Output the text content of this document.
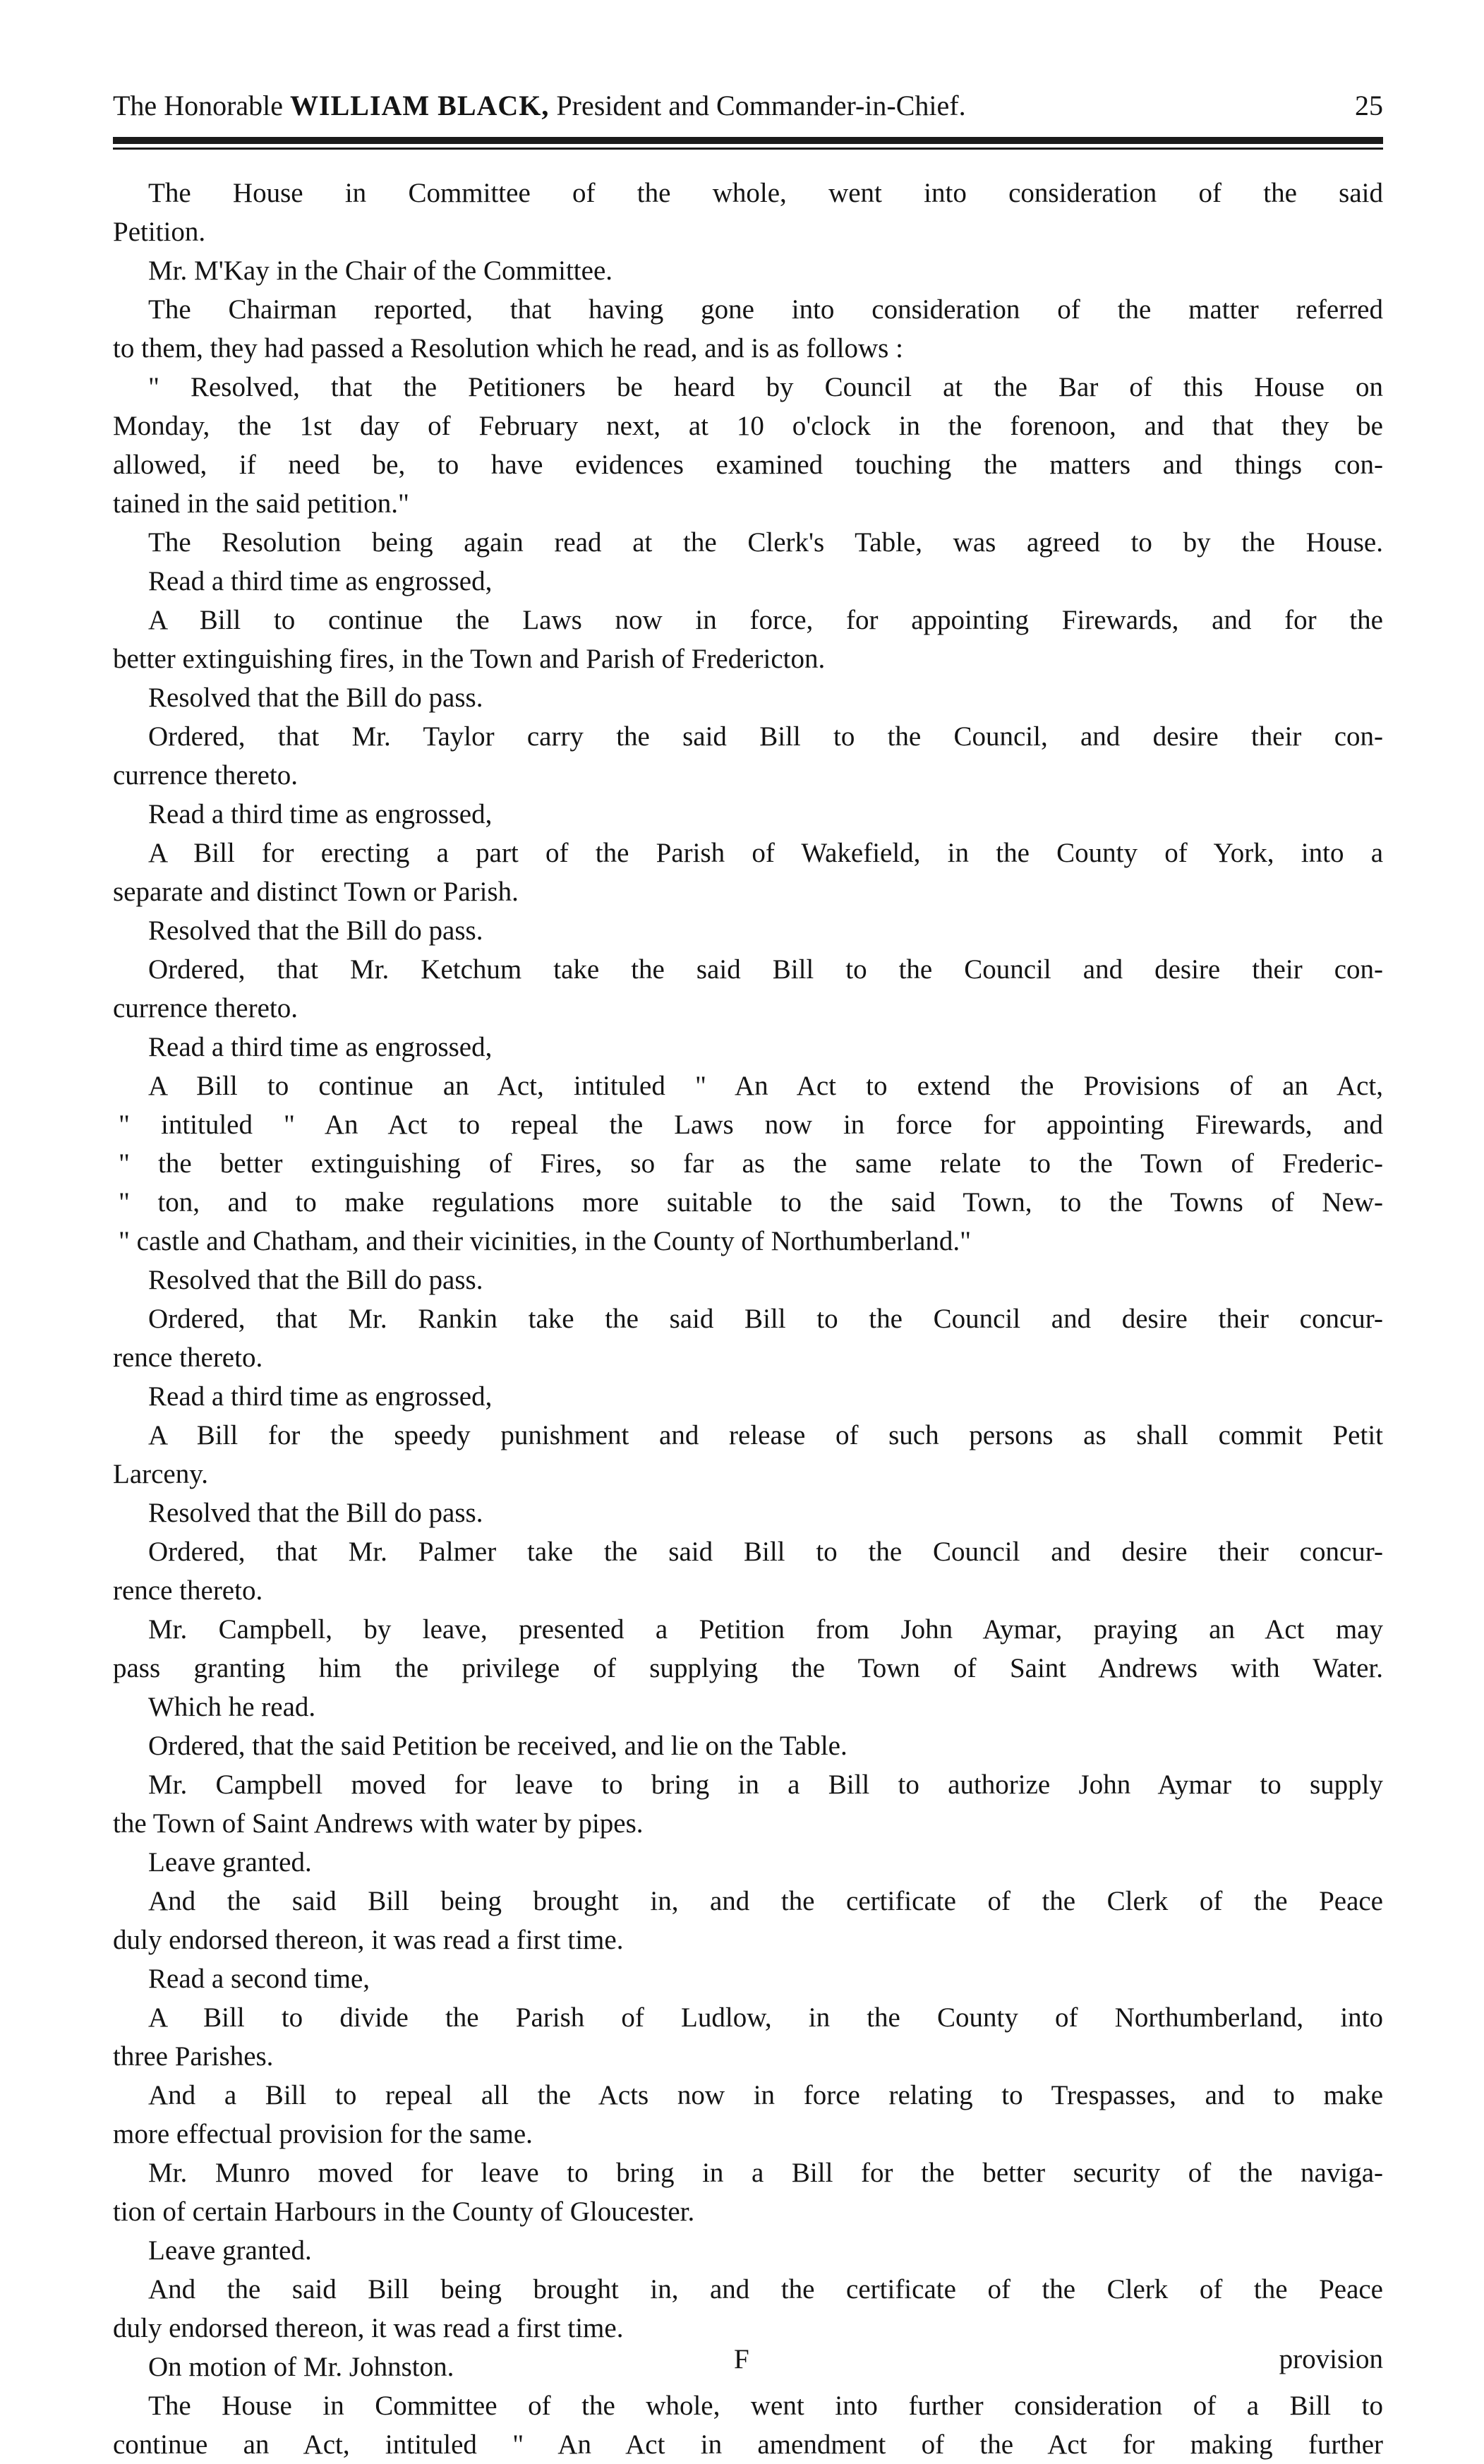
The Honorable WILLIAM BLACK, President and Commander-in-Chief.	25
The House in Committee of the whole, went into consideration of the said
Petition.
Mr. M'Kay in the Chair of the Committee.
The Chairman reported, that having gone into consideration of the matter referred
to them, they had passed a Resolution which he read, and is as follows :
" Resolved, that the Petitioners be heard by Council at the Bar of this House on
Monday, the 1st day of February next, at 10 o'clock in the forenoon, and that they be
allowed, if need be, to have evidences examined touching the matters and things con-
tained in the said petition."
The Resolution being again read at the Clerk's Table, was agreed to by the House.
Read a third time as engrossed,
A Bill to continue the Laws now in force, for appointing Firewards, and for the
better extinguishing fires, in the Town and Parish of Fredericton.
Resolved that the Bill do pass.
Ordered, that Mr. Taylor carry the said Bill to the Council, and desire their con-
currence thereto.
Read a third time as engrossed,
A Bill for erecting a part of the Parish of Wakefield, in the County of York, into a
separate and distinct Town or Parish.
Resolved that the Bill do pass.
Ordered, that Mr. Ketchum take the said Bill to the Council and desire their con-
currence thereto.
Read a third time as engrossed,
A Bill to continue an Act, intituled " An Act to extend the Provisions of an Act,
" intituled " An Act to repeal the Laws now in force for appointing Firewards, and
" the better extinguishing of Fires, so far as the same relate to the Town of Frederic-
" ton, and to make regulations more suitable to the said Town, to the Towns of New-
" castle and Chatham, and their vicinities, in the County of Northumberland."
Resolved that the Bill do pass.
Ordered, that Mr. Rankin take the said Bill to the Council and desire their concur-
rence thereto.
Read a third time as engrossed,
A Bill for the speedy punishment and release of such persons as shall commit Petit
Larceny.
Resolved that the Bill do pass.
Ordered, that Mr. Palmer take the said Bill to the Council and desire their concur-
rence thereto.
Mr. Campbell, by leave, presented a Petition from John Aymar, praying an Act may
pass granting him the privilege of supplying the Town of Saint Andrews with Water.
Which he read.
Ordered, that the said Petition be received, and lie on the Table.
Mr. Campbell moved for leave to bring in a Bill to authorize John Aymar to supply
the Town of Saint Andrews with water by pipes.
Leave granted.
And the said Bill being brought in, and the certificate of the Clerk of the Peace
duly endorsed thereon, it was read a first time.
Read a second time,
A Bill to divide the Parish of Ludlow, in the County of Northumberland, into
three Parishes.
And a Bill to repeal all the Acts now in force relating to Trespasses, and to make
more effectual provision for the same.
Mr. Munro moved for leave to bring in a Bill for the better security of the naviga-
tion of certain Harbours in the County of Gloucester.
Leave granted.
And the said Bill being brought in, and the certificate of the Clerk of the Peace
duly endorsed thereon, it was read a first time.
On motion of Mr. Johnston.
The House in Committee of the whole, went into further consideration of a Bill to
continue an Act, intituled " An Act in amendment of the Act for making further
F	provision
